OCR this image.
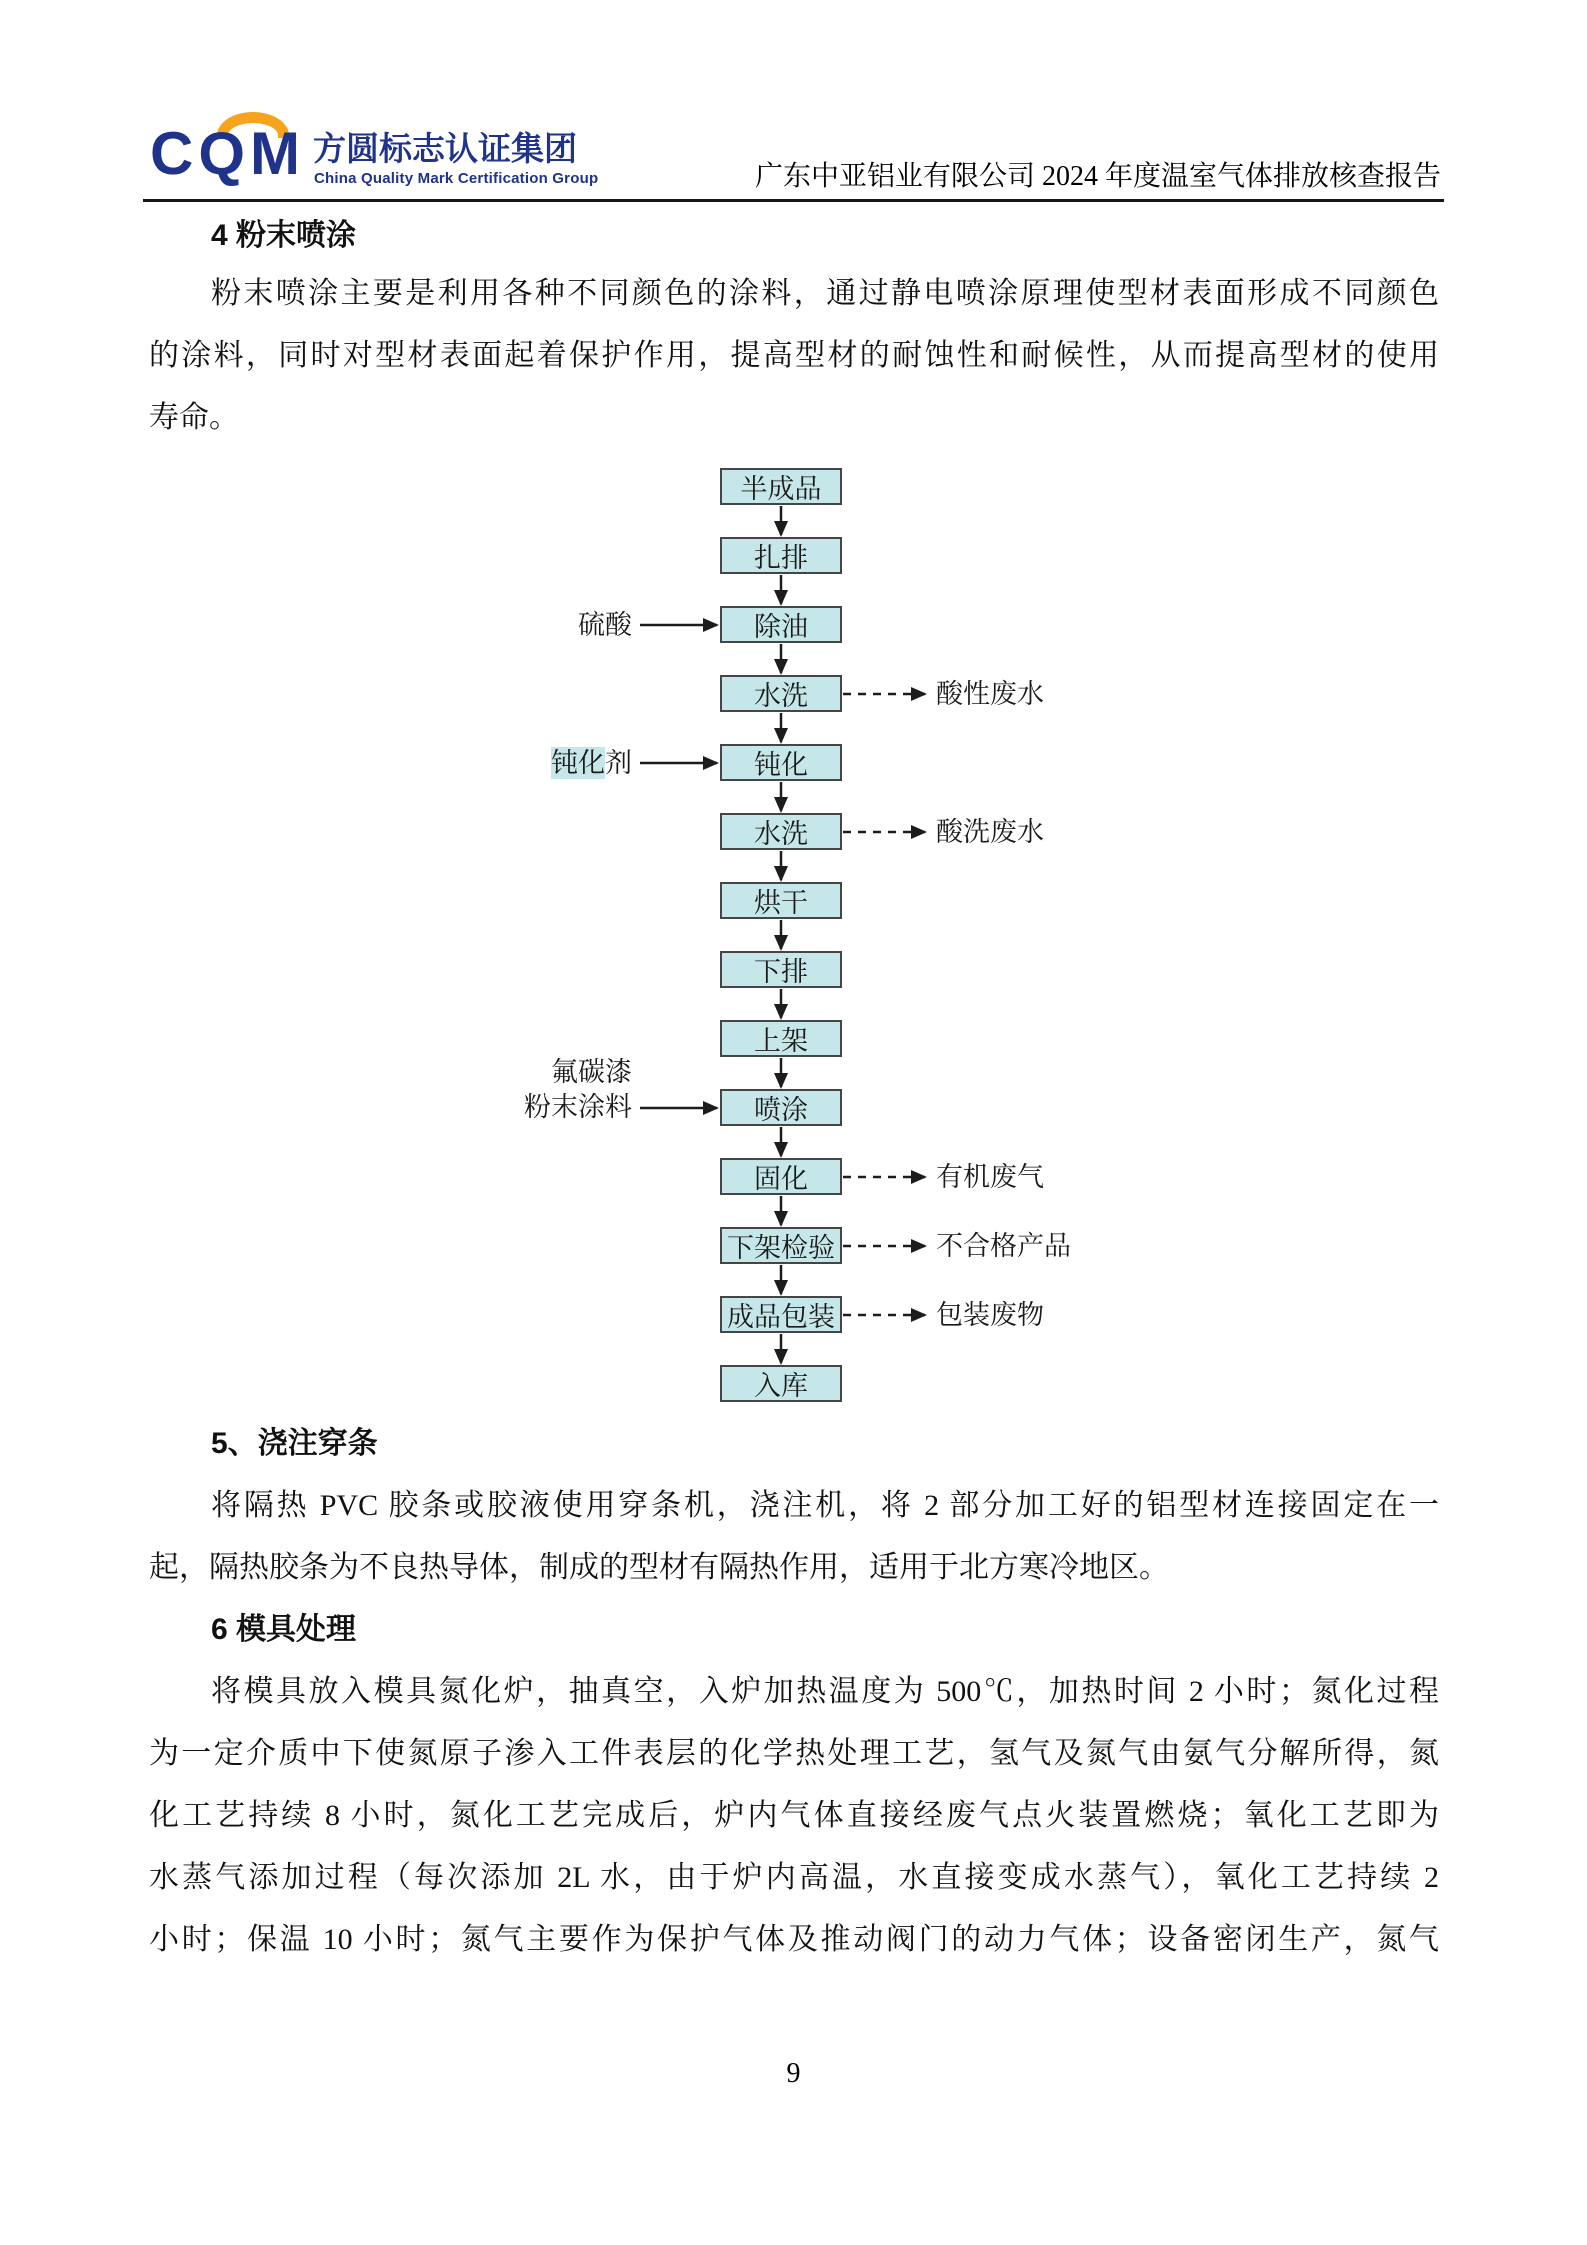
CQM 方圆标志认证集团
China Quality Mark Certification Group	广东中亚铝业有限公司 2024 年度温室气体排放核查报告
4 粉末喷涂
粉末喷涂主要是利用各种不同颜色的涂料，通过静电喷涂原理使型材表面形成不同颜色
的涂料，同时对型材表面起着保护作用，提高型材的耐蚀性和耐候性，从而提高型材的使用
寿命。
半成品
扎排
除油
硫酸
水洗	酸性废水
钝化
钝化剂
水洗	酸洗废水
烘干
下排
上架
喷涂
氟碳漆
粉末涂料
固化	有机废气
下架检验	不合格产品
成品包装	包装废物
入库
5、浇注穿条
将隔热 PVC 胶条或胶液使用穿条机，浇注机，将 2 部分加工好的铝型材连接固定在一
起，隔热胶条为不良热导体，制成的型材有隔热作用，适用于北方寒冷地区。
6 模具处理
将模具放入模具氮化炉，抽真空，入炉加热温度为 500℃，加热时间 2 小时；氮化过程
为一定介质中下使氮原子渗入工件表层的化学热处理工艺，氢气及氮气由氨气分解所得，氮
化工艺持续 8 小时，氮化工艺完成后，炉内气体直接经废气点火装置燃烧；氧化工艺即为
水蒸气添加过程（每次添加 2L 水，由于炉内高温，水直接变成水蒸气），氧化工艺持续 2
小时；保温 10 小时；氮气主要作为保护气体及推动阀门的动力气体；设备密闭生产，氮气
9
